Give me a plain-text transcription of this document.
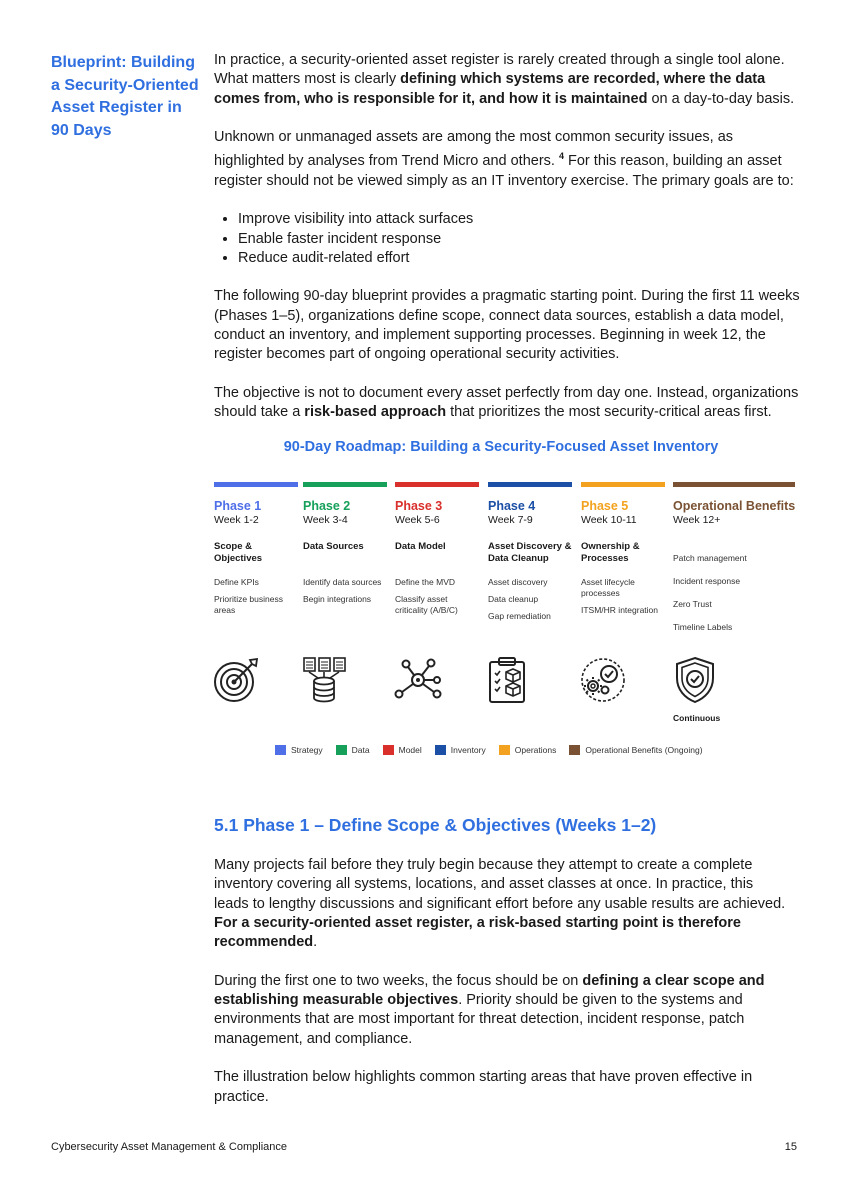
Blueprint: Building a Security-Oriented Asset Register in 90 Days

In practice, a security-oriented asset register is rarely created through a single tool alone. What matters most is clearly defining which systems are recorded, where the data comes from, who is responsible for it, and how it is maintained on a day-to-day basis.

Unknown or unmanaged assets are among the most common security issues, as highlighted by analyses from Trend Micro and others. $^4$ For this reason, building an asset register should not be viewed simply as an IT inventory exercise. The primary goals are to:

• Improve visibility into attack surfaces
• Enable faster incident response
• Reduce audit-related effort

The following 90-day blueprint provides a pragmatic starting point. During the first 11 weeks (Phases 1–5), organizations define scope, connect data sources, establish a data model, conduct an inventory, and implement supporting processes. Beginning in week 12, the register becomes part of ongoing operational security activities.

The objective is not to document every asset perfectly from day one. Instead, organizations should take a risk-based approach that prioritizes the most security-critical areas first.

90-Day Roadmap: Building a Security-Focused Asset Inventory
Phase 1
Week 1-2
Scope & Objectives
Define KPIs
Prioritize business areas
Phase 2
Week 3-4
Data Sources
Identify data sources
Begin integrations
Phase 3
Week 5-6
Data Model
Define the MVD
Classify asset criticality (A/B/C)
Phase 4
Week 7-9
Asset Discovery & Data Cleanup
Asset discovery
Data cleanup
Gap remediation
Phase 5
Week 10-11
Ownership & Processes
Asset lifecycle processes
ITSM/HR integration
Operational Benefits
Week 12+
Patch management
Incident response
Zero Trust
Timeline Labels
Continuous
Strategy	Data	Model	Inventory	Operations	Operational Benefits (Ongoing)
5.1 Phase 1 – Define Scope & Objectives (Weeks 1–2)

Many projects fail before they truly begin because they attempt to create a complete inventory covering all systems, locations, and asset classes at once. In practice, this leads to lengthy discussions and significant effort before any usable results are achieved. For a security-oriented asset register, a risk-based starting point is therefore recommended.

During the first one to two weeks, the focus should be on defining a clear scope and establishing measurable objectives. Priority should be given to the systems and environments that are most important for threat detection, incident response, patch management, and compliance.

The illustration below highlights common starting areas that have proven effective in practice.

Cybersecurity Asset Management & Compliance	15
